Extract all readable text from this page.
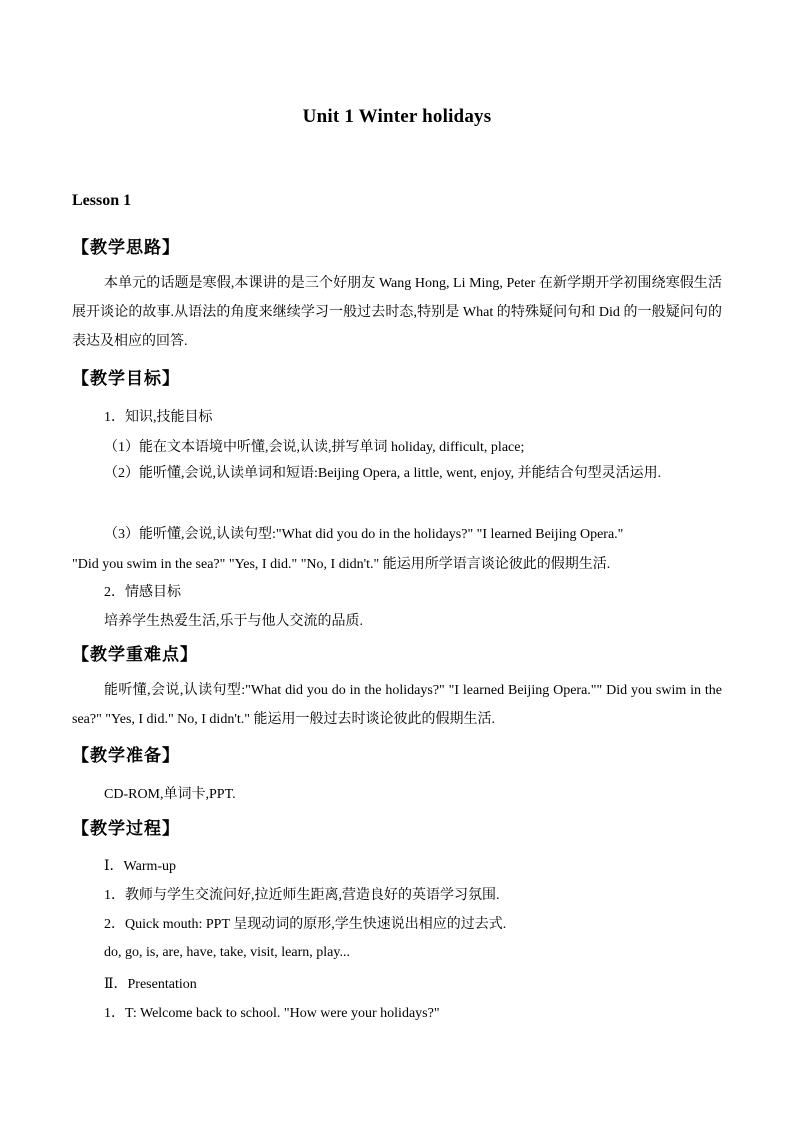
Unit 1 Winter holidays
Lesson 1
【教学思路】
本单元的话题是寒假,本课讲的是三个好朋友 Wang Hong, Li Ming, Peter 在新学期开学初围绕寒假生活展开谈论的故事.从语法的角度来继续学习一般过去时态,特别是 What 的特殊疑问句和 Did 的一般疑问句的表达及相应的回答.
【教学目标】
1．知识,技能目标
（1）能在文本语境中听懂,会说,认读,拼写单词 holiday, difficult, place;
（2）能听懂,会说,认读单词和短语:Beijing Opera, a little, went, enjoy, 并能结合句型灵活运用.
（3）能听懂,会说,认读句型:"What did you do in the holidays?" "I learned Beijing Opera."
"Did you swim in the sea?" "Yes, I did." "No, I didn't." 能运用所学语言谈论彼此的假期生活.
2．情感目标
培养学生热爱生活,乐于与他人交流的品质.
【教学重难点】
能听懂,会说,认读句型:"What did you do in the holidays?" "I learned Beijing Opera."" Did you swim in the sea?" "Yes, I did." No, I didn't." 能运用一般过去时谈论彼此的假期生活.
【教学准备】
CD-ROM,单词卡,PPT.
【教学过程】
Ⅰ．Warm-up
1．教师与学生交流问好,拉近师生距离,营造良好的英语学习氛围.
2．Quick mouth: PPT 呈现动词的原形,学生快速说出相应的过去式.
do, go, is, are, have, take, visit, learn, play...
Ⅱ．Presentation
1．T: Welcome back to school. "How were your holidays?"
